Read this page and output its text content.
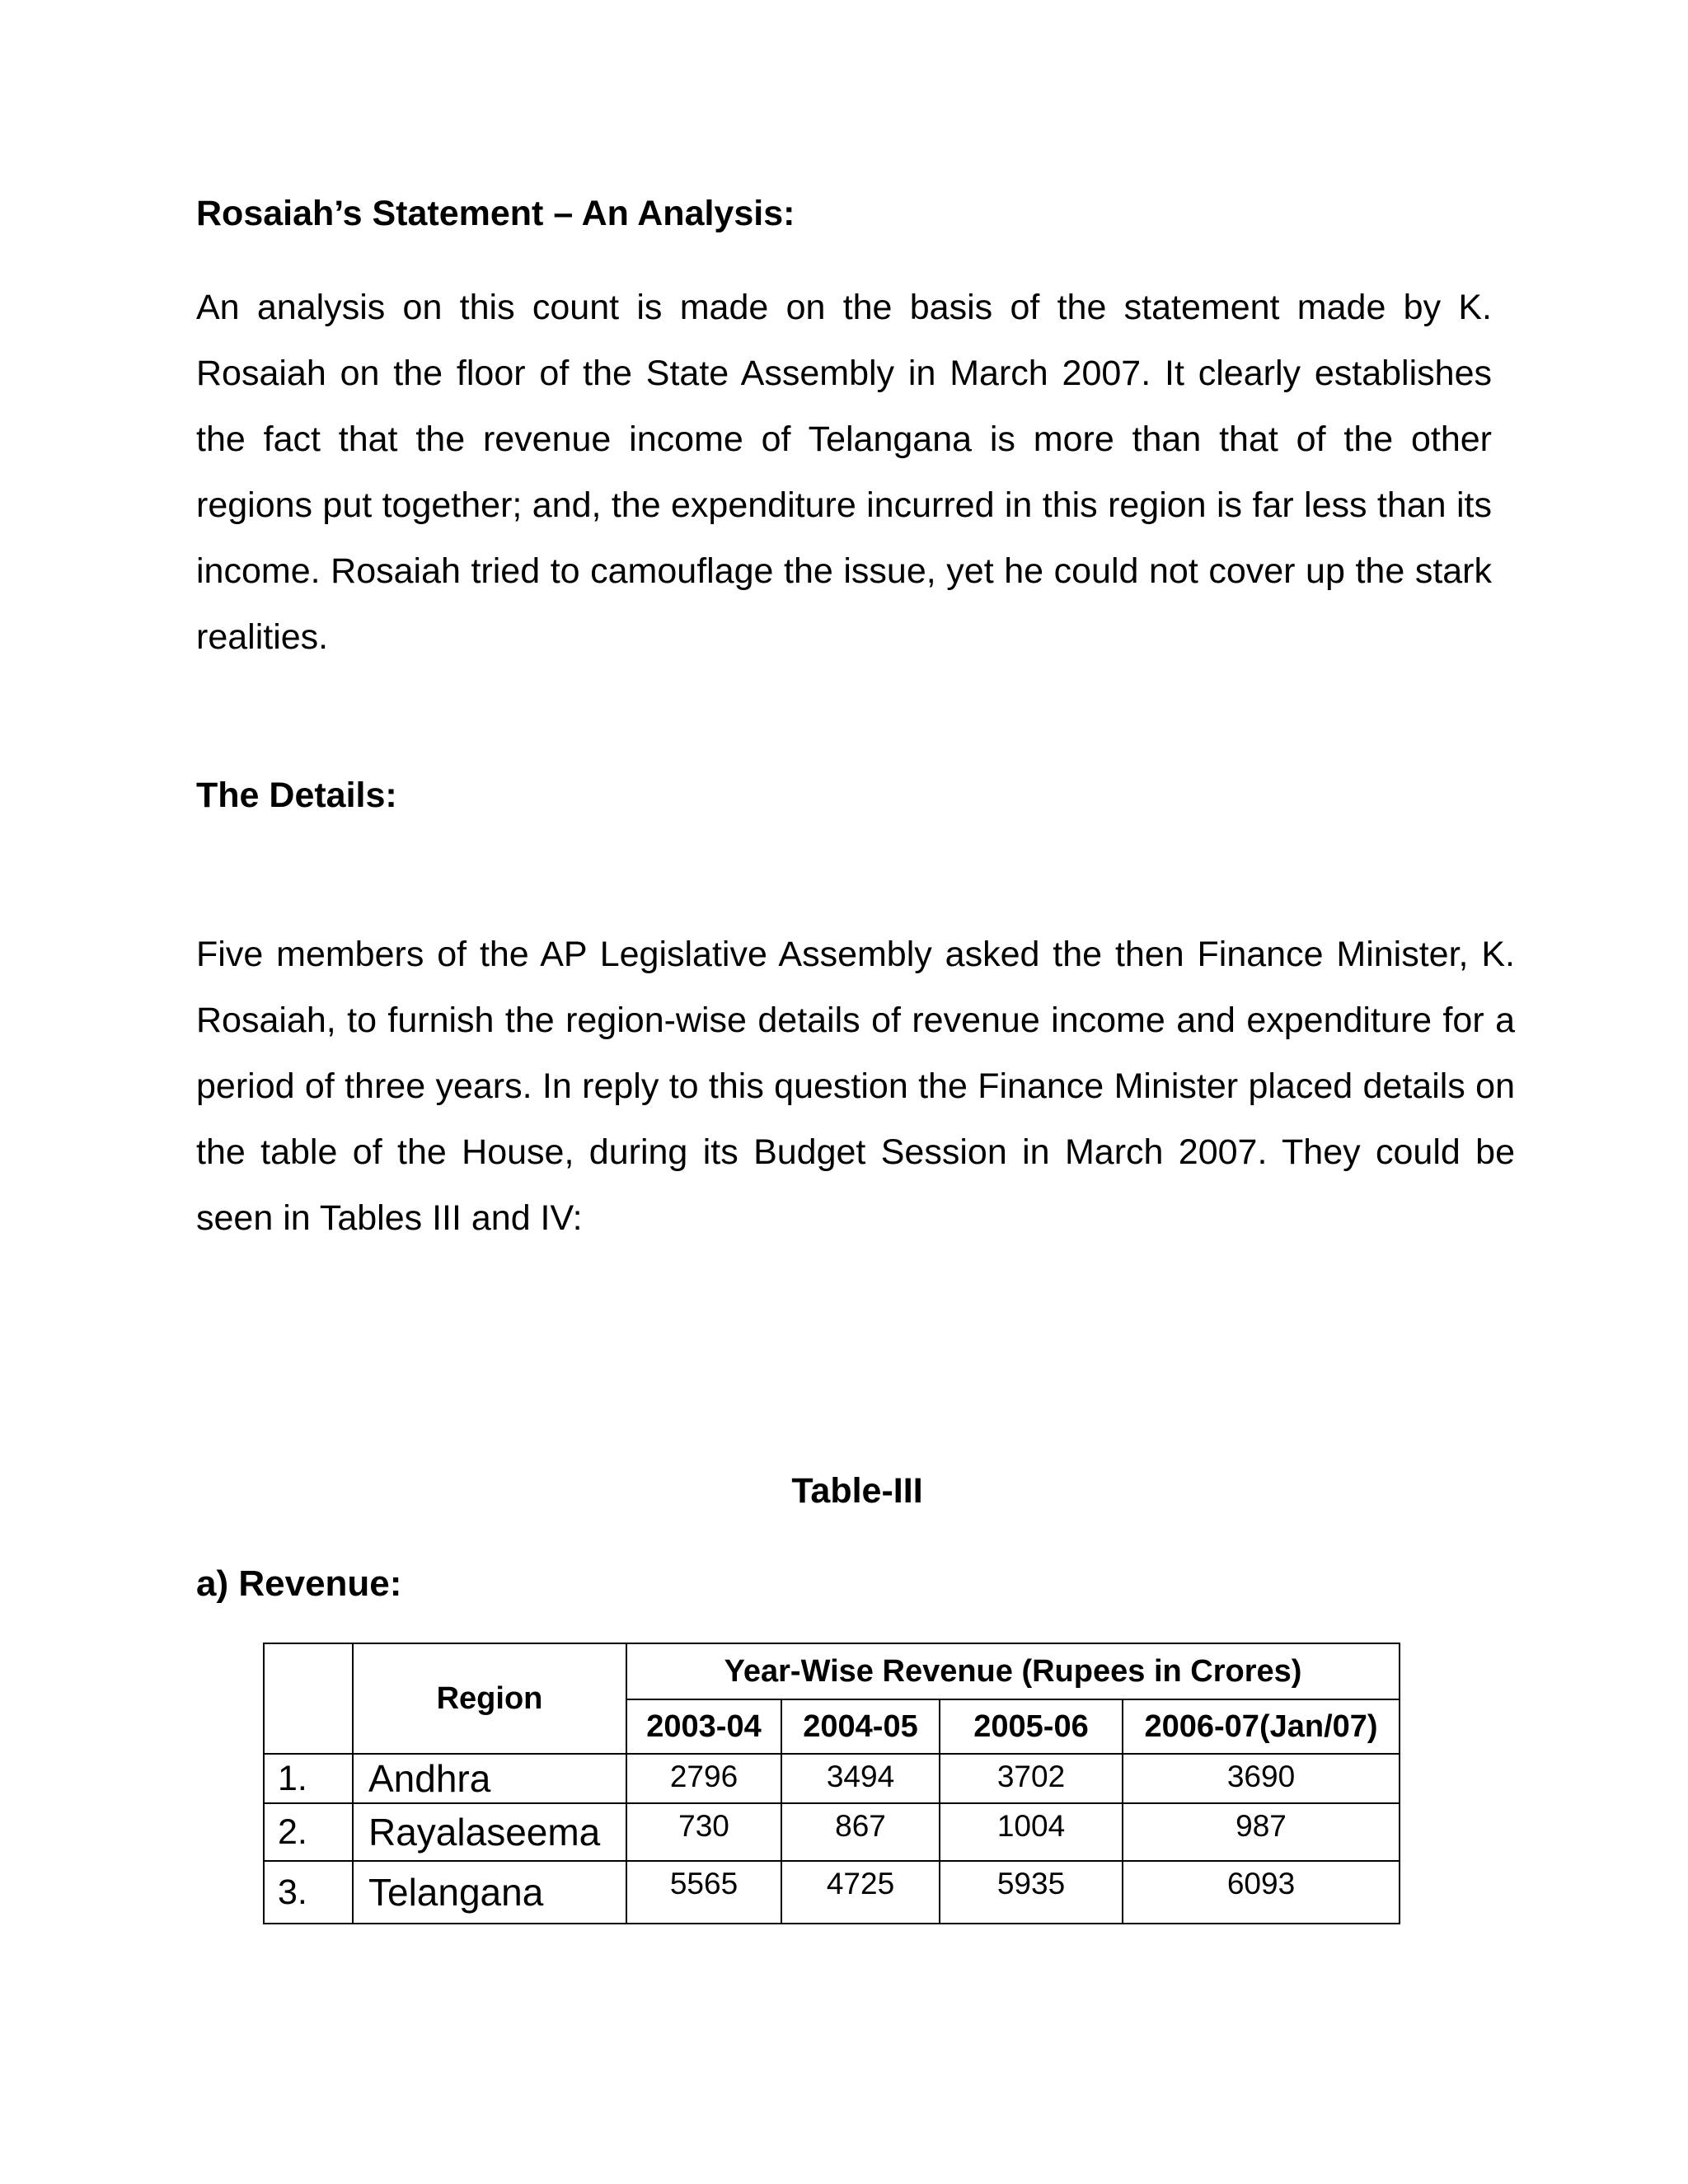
Rosaiah’s Statement – An Analysis:

An analysis on this count is made on the basis of the statement made by K. Rosaiah on the floor of the State Assembly in March 2007. It clearly establishes the fact that the revenue income of Telangana is more than that of the other regions put together; and, the expenditure incurred in this region is far less than its income. Rosaiah tried to camouflage the issue, yet he could not cover up the stark realities.

The Details:

Five members of the AP Legislative Assembly asked the then Finance Minister, K. Rosaiah, to furnish the region-wise details of revenue income and expenditure for a period of three years. In reply to this question the Finance Minister placed details on the table of the House, during its Budget Session in March 2007. They could be seen in Tables III and IV:

Table-III
a) Revenue:
	Region	Year-Wise Revenue (Rupees in Crores)			
		2003-04	2004-05	2005-06	2006-07(Jan/07)
1.	Andhra	2796	3494	3702	3690
2.	Rayalaseema	730	867	1004	987
3.	Telangana	5565	4725	5935	6093
